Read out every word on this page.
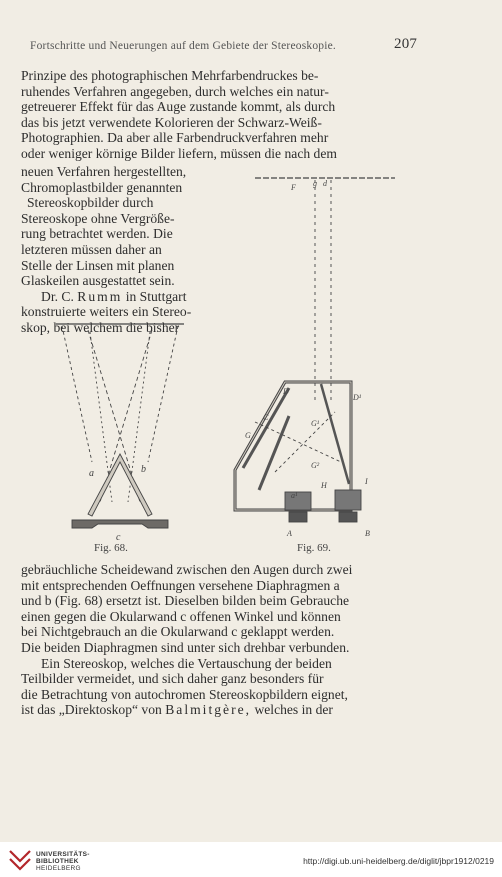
Fortschritte und Neuerungen auf dem Gebiete der Stereoskopie.	207

Prinzipe des photographischen Mehrfarbendruckes be-

ruhendes Verfahren angegeben, durch welches ein natur-

getreuerer Effekt für das Auge zustande kommt, als durch

das bis jetzt verwendete Kolorieren der Schwarz-Weiß-

Photographien. Da aber alle Farbendruckverfahren mehr

oder weniger körnige Bilder liefern, müssen die nach dem

neuen Verfahren hergestellten,

Chromoplastbilder genannten

Stereoskopbilder durch

Stereoskope ohne Vergröße-

rung betrachtet werden. Die

letzteren müssen daher an

Stelle der Linsen mit planen

Glaskeilen ausgestattet sein.

Dr. C. Rumm in Stuttgart

konstruierte weiters ein Stereo-

skop, bei welchem die bisher

a	b
c
F g d
D
D¹
G
G¹
G²
C
H	I
a¹
A	B
Fig. 68.	Fig. 69.

gebräuchliche Scheidewand zwischen den Augen durch zwei

mit entsprechenden Oeffnungen versehene Diaphragmen a

und b (Fig. 68) ersetzt ist. Dieselben bilden beim Gebrauche

einen gegen die Okularwand c offenen Winkel und können

bei Nichtgebrauch an die Okularwand c geklappt werden.

Die beiden Diaphragmen sind unter sich drehbar verbunden.

Ein Stereoskop, welches die Vertauschung der beiden

Teilbilder vermeidet, und sich daher ganz besonders für

die Betrachtung von autochromen Stereoskopbildern eignet,

ist das „Direktoskop“ von Balmitgère, welches in der

UNIVERSITÄTS-
BIBLIOTHEK
HEIDELBERG
http://digi.ub.uni-heidelberg.de/diglit/jbpr1912/0219
